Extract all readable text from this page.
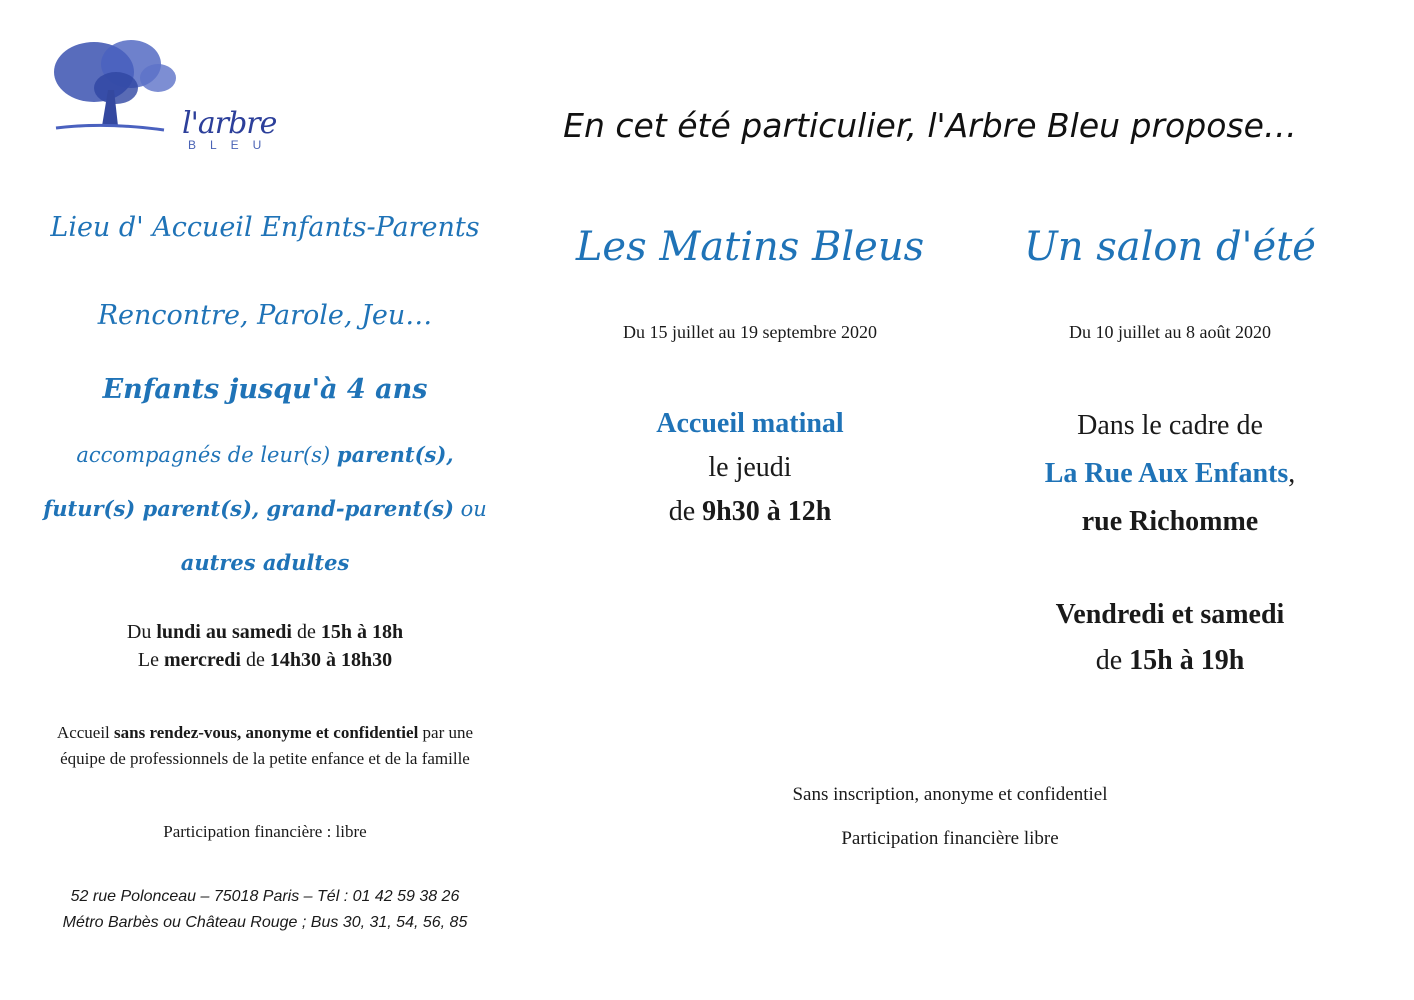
l'arbre
BLEU	En cet été particulier, l'Arbre Bleu propose…
Lieu d' Accueil Enfants-Parents
Rencontre, Parole, Jeu…
Enfants jusqu'à 4 ans
accompagnés de leur(s) parent(s),
futur(s) parent(s), grand-parent(s) ou
autres adultes
Du lundi au samedi de 15h à 18h
Le mercredi de 14h30 à 18h30
Accueil sans rendez-vous, anonyme et confidentiel par une équipe de professionnels de la petite enfance et de la famille
Participation financière : libre
52 rue Polonceau – 75018 Paris – Tél : 01 42 59 38 26
Métro Barbès ou Château Rouge ; Bus 30, 31, 54, 56, 85
Les Matins Bleus
Du 15 juillet au 19 septembre 2020
Accueil matinal
le jeudi
de 9h30 à 12h
Un salon d'été
Du 10 juillet au 8 août 2020
Dans le cadre de
La Rue Aux Enfants,
rue Richomme
Vendredi et samedi
de 15h à 19h
Sans inscription, anonyme et confidentiel
Participation financière libre
